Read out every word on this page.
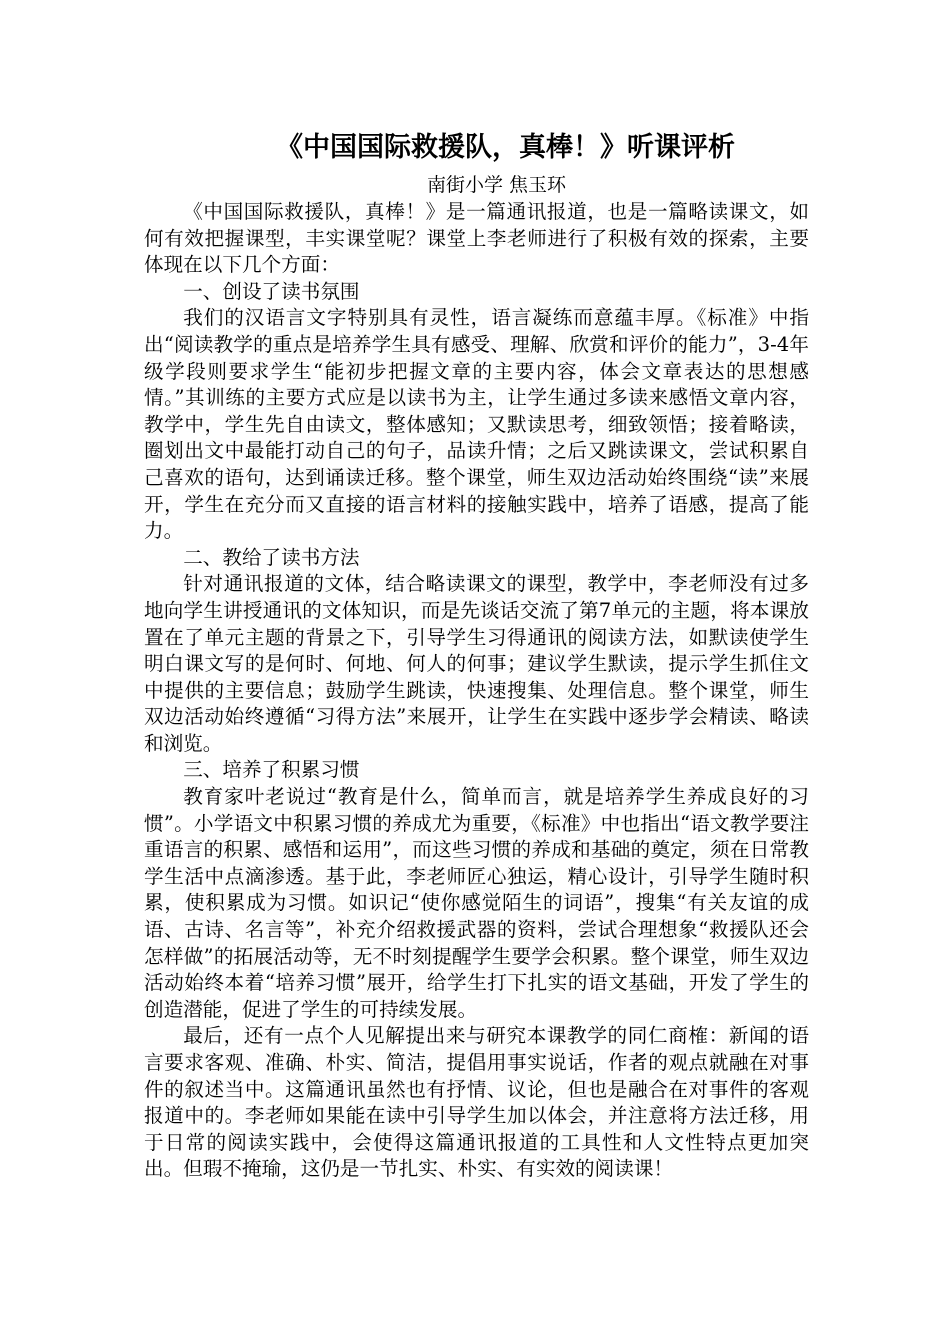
《中国国际救援队，真棒！》听课评析

南街小学 焦玉环

《中国国际救援队，真棒！》是一篇通讯报道，也是一篇略读课文，如何有效把握课型，丰实课堂呢？课堂上李老师进行了积极有效的探索，主要体现在以下几个方面：

一、创设了读书氛围

我们的汉语言文字特别具有灵性，语言凝练而意蕴丰厚。《标准》中指出“阅读教学的重点是培养学生具有感受、理解、欣赏和评价的能力”，3-4年级学段则要求学生“能初步把握文章的主要内容，体会文章表达的思想感情。”其训练的主要方式应是以读书为主，让学生通过多读来感悟文章内容，教学中，学生先自由读文，整体感知；又默读思考，细致领悟；接着略读，圈划出文中最能打动自己的句子，品读升情；之后又跳读课文，尝试积累自己喜欢的语句，达到诵读迁移。整个课堂，师生双边活动始终围绕“读”来展开，学生在充分而又直接的语言材料的接触实践中，培养了语感，提高了能力。

二、教给了读书方法

针对通讯报道的文体，结合略读课文的课型，教学中，李老师没有过多地向学生讲授通讯的文体知识，而是先谈话交流了第7单元的主题，将本课放置在了单元主题的背景之下，引导学生习得通讯的阅读方法，如默读使学生明白课文写的是何时、何地、何人的何事；建议学生默读，提示学生抓住文中提供的主要信息；鼓励学生跳读，快速搜集、处理信息。整个课堂，师生双边活动始终遵循“习得方法”来展开，让学生在实践中逐步学会精读、略读和浏览。

三、培养了积累习惯

教育家叶老说过“教育是什么，简单而言，就是培养学生养成良好的习惯”。小学语文中积累习惯的养成尤为重要，《标准》中也指出“语文教学要注重语言的积累、感悟和运用”，而这些习惯的养成和基础的奠定，须在日常教学生活中点滴渗透。基于此，李老师匠心独运，精心设计，引导学生随时积累，使积累成为习惯。如识记“使你感觉陌生的词语”，搜集“有关友谊的成语、古诗、名言等”，补充介绍救援武器的资料，尝试合理想象“救援队还会怎样做”的拓展活动等，无不时刻提醒学生要学会积累。整个课堂，师生双边活动始终本着“培养习惯”展开，给学生打下扎实的语文基础，开发了学生的创造潜能，促进了学生的可持续发展。

最后，还有一点个人见解提出来与研究本课教学的同仁商榷：新闻的语言要求客观、准确、朴实、简洁，提倡用事实说话，作者的观点就融在对事件的叙述当中。这篇通讯虽然也有抒情、议论，但也是融合在对事件的客观报道中的。李老师如果能在读中引导学生加以体会，并注意将方法迁移，用于日常的阅读实践中，会使得这篇通讯报道的工具性和人文性特点更加突出。但瑕不掩瑜，这仍是一节扎实、朴实、有实效的阅读课！
